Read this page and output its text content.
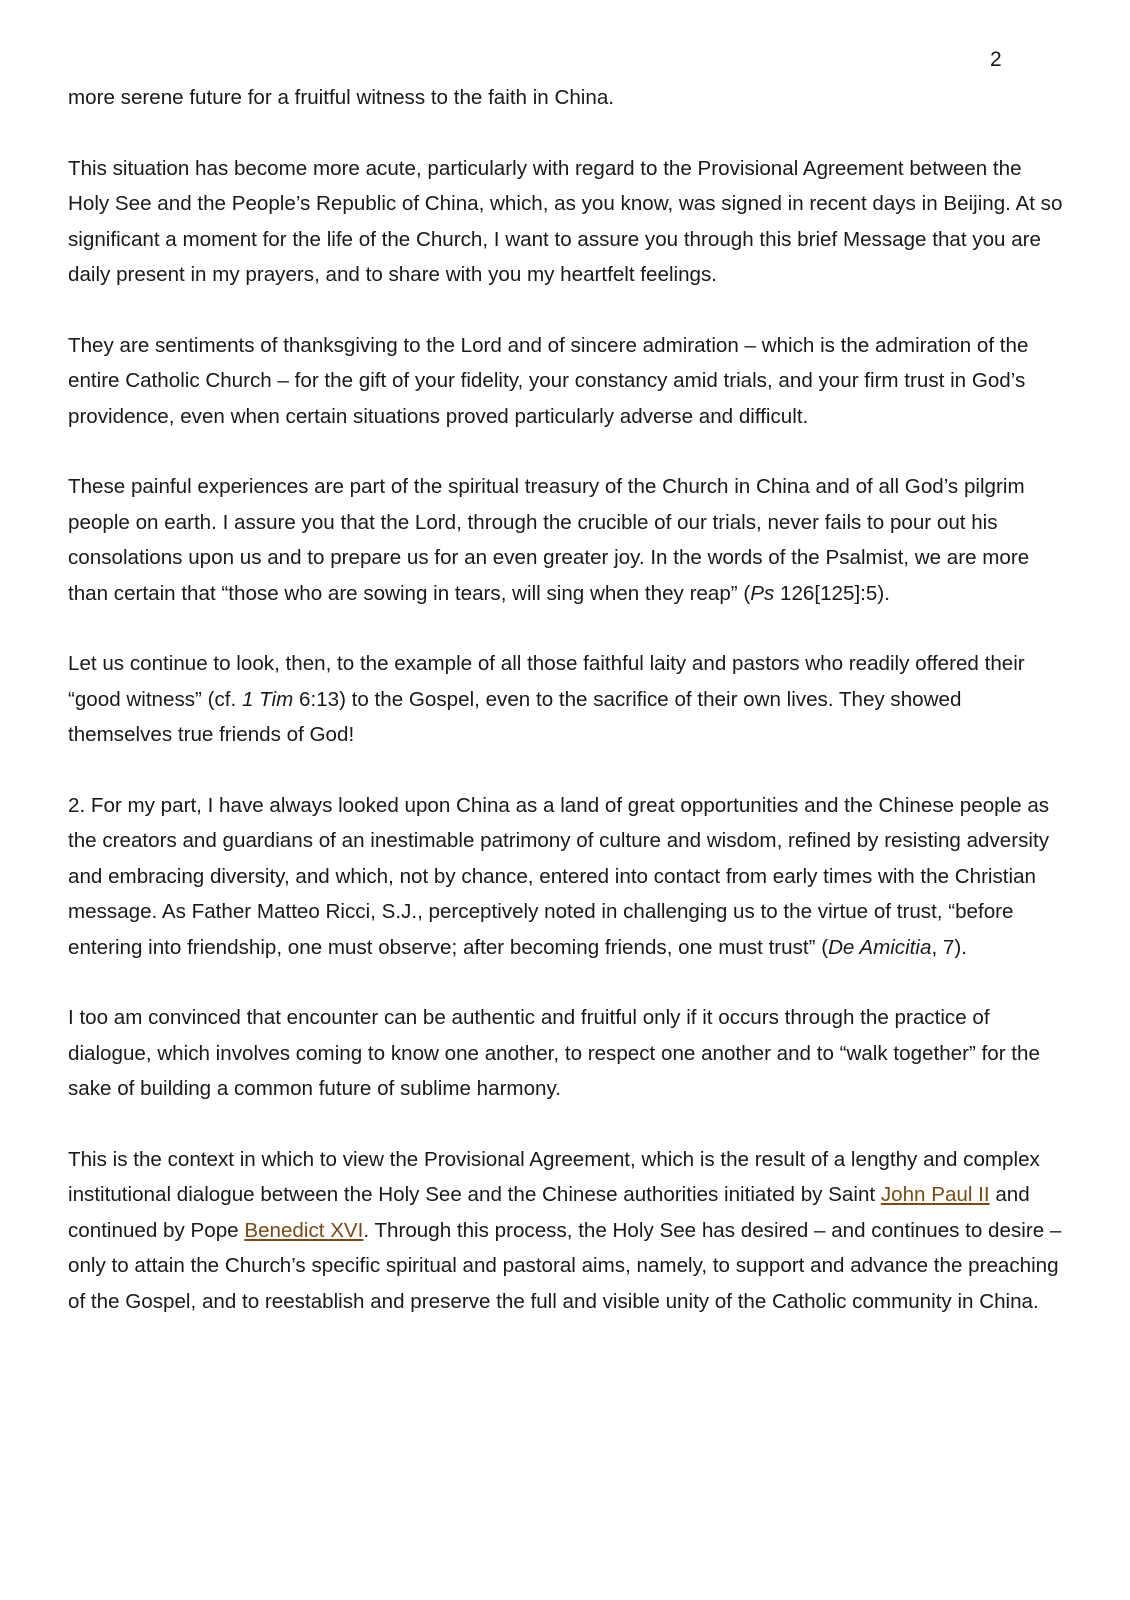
2

more serene future for a fruitful witness to the faith in China.

This situation has become more acute, particularly with regard to the Provisional Agreement between the Holy See and the People’s Republic of China, which, as you know, was signed in recent days in Beijing. At so significant a moment for the life of the Church, I want to assure you through this brief Message that you are daily present in my prayers, and to share with you my heartfelt feelings.

They are sentiments of thanksgiving to the Lord and of sincere admiration – which is the admiration of the entire Catholic Church – for the gift of your fidelity, your constancy amid trials, and your firm trust in God’s providence, even when certain situations proved particularly adverse and difficult.

These painful experiences are part of the spiritual treasury of the Church in China and of all God’s pilgrim people on earth. I assure you that the Lord, through the crucible of our trials, never fails to pour out his consolations upon us and to prepare us for an even greater joy. In the words of the Psalmist, we are more than certain that “those who are sowing in tears, will sing when they reap” (Ps 126[125]:5).

Let us continue to look, then, to the example of all those faithful laity and pastors who readily offered their “good witness” (cf. 1 Tim 6:13) to the Gospel, even to the sacrifice of their own lives. They showed themselves true friends of God!

2. For my part, I have always looked upon China as a land of great opportunities and the Chinese people as the creators and guardians of an inestimable patrimony of culture and wisdom, refined by resisting adversity and embracing diversity, and which, not by chance, entered into contact from early times with the Christian message. As Father Matteo Ricci, S.J., perceptively noted in challenging us to the virtue of trust, “before entering into friendship, one must observe; after becoming friends, one must trust” (De Amicitia, 7).

I too am convinced that encounter can be authentic and fruitful only if it occurs through the practice of dialogue, which involves coming to know one another, to respect one another and to “walk together” for the sake of building a common future of sublime harmony.

This is the context in which to view the Provisional Agreement, which is the result of a lengthy and complex institutional dialogue between the Holy See and the Chinese authorities initiated by Saint John Paul II and continued by Pope Benedict XVI. Through this process, the Holy See has desired – and continues to desire – only to attain the Church’s specific spiritual and pastoral aims, namely, to support and advance the preaching of the Gospel, and to reestablish and preserve the full and visible unity of the Catholic community in China.
